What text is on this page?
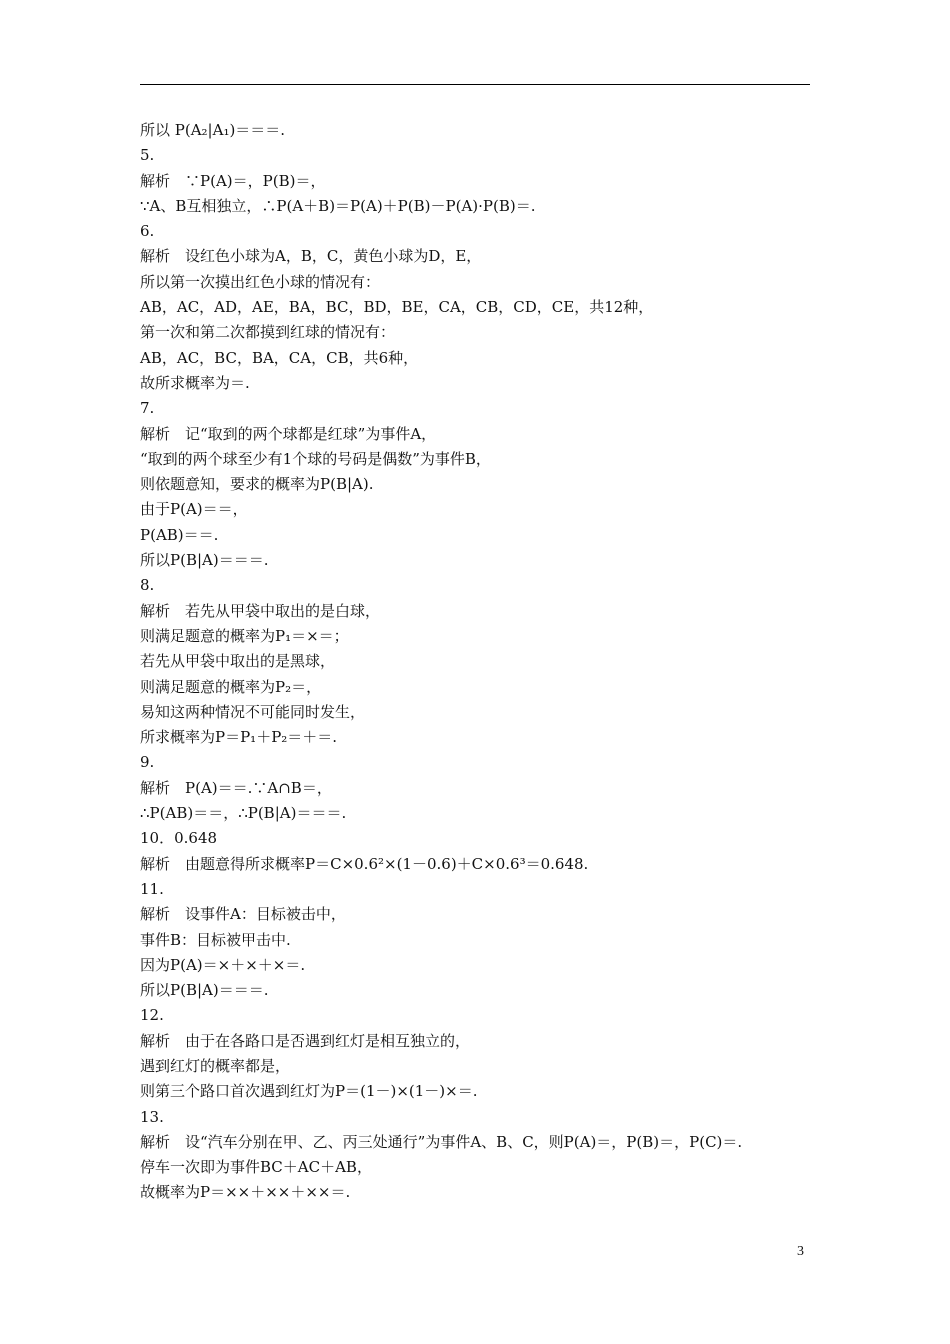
所以 P(A₂|A₁)＝＝＝.
5.
解析　∵P(A)＝，P(B)＝，
∵A、B互相独立，∴P(A＋B)＝P(A)＋P(B)－P(A)·P(B)＝.
6.
解析　设红色小球为A，B，C，黄色小球为D，E，
所以第一次摸出红色小球的情况有：
AB，AC，AD，AE，BA，BC，BD，BE，CA，CB，CD，CE，共12种，
第一次和第二次都摸到红球的情况有：
AB，AC，BC，BA，CA，CB，共6种，
故所求概率为＝.
7.
解析　记“取到的两个球都是红球”为事件A，
“取到的两个球至少有1个球的号码是偶数”为事件B，
则依题意知，要求的概率为P(B|A).
由于P(A)＝＝，
P(AB)＝＝.
所以P(B|A)＝＝＝.
8.
解析　若先从甲袋中取出的是白球，
则满足题意的概率为P₁＝×＝；
若先从甲袋中取出的是黑球，
则满足题意的概率为P₂＝，
易知这两种情况不可能同时发生，
所求概率为P＝P₁＋P₂＝＋＝.
9.
解析　P(A)＝＝.∵A∩B＝，
∴P(AB)＝＝，∴P(B|A)＝＝＝.
10．0.648
解析　由题意得所求概率P＝C×0.6²×(1－0.6)＋C×0.6³＝0.648.
11.
解析　设事件A：目标被击中，
事件B：目标被甲击中.
因为P(A)＝×＋×＋×＝.
所以P(B|A)＝＝＝.
12.
解析　由于在各路口是否遇到红灯是相互独立的，
遇到红灯的概率都是，
则第三个路口首次遇到红灯为P＝(1－)×(1－)×＝.
13.
解析　设“汽车分别在甲、乙、丙三处通行”为事件A、B、C，则P(A)＝，P(B)＝，P(C)＝.
停车一次即为事件BC＋AC＋AB，
故概率为P＝××＋××＋××＝.
3
